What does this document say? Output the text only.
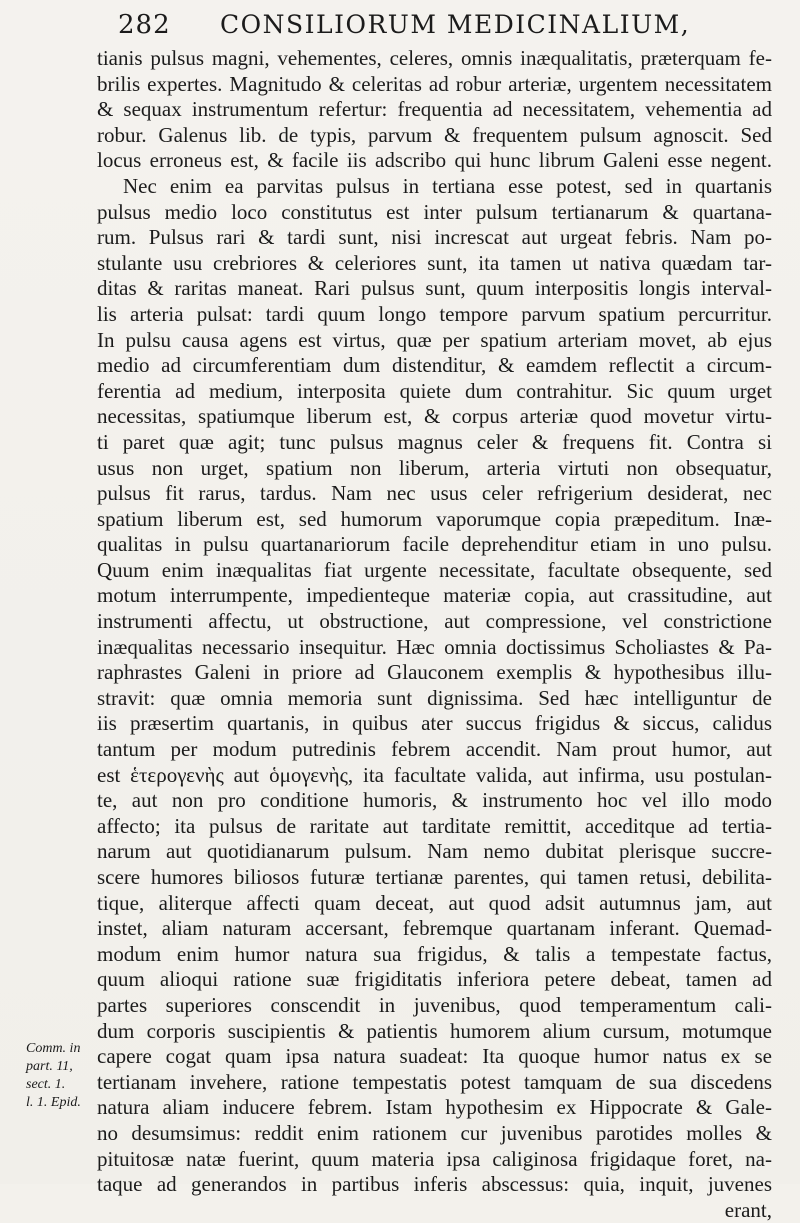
282 CONSILIORUM MEDICINALIUM,
tianis pulsus magni, vehementes, celeres, omnis inæqualitatis, præterquam fe-
brilis expertes. Magnitudo & celeritas ad robur arteriæ, urgentem necessitatem
& sequax instrumentum refertur: frequentia ad necessitatem, vehementia ad
robur. Galenus lib. de typis, parvum & frequentem pulsum agnoscit. Sed
locus erroneus est, & facile iis adscribo qui hunc librum Galeni esse negent.
Nec enim ea parvitas pulsus in tertiana esse potest, sed in quartanis
pulsus medio loco constitutus est inter pulsum tertianarum & quartana-
rum. Pulsus rari & tardi sunt, nisi increscat aut urgeat febris. Nam po-
stulante usu crebriores & celeriores sunt, ita tamen ut nativa quædam tar-
ditas & raritas maneat. Rari pulsus sunt, quum interpositis longis interval-
lis arteria pulsat: tardi quum longo tempore parvum spatium percurritur.
In pulsu causa agens est virtus, quæ per spatium arteriam movet, ab ejus
medio ad circumferentiam dum distenditur, & eamdem reflectit a circum-
ferentia ad medium, interposita quiete dum contrahitur. Sic quum urget
necessitas, spatiumque liberum est, & corpus arteriæ quod movetur virtu-
ti paret quæ agit; tunc pulsus magnus celer & frequens fit. Contra si
usus non urget, spatium non liberum, arteria virtuti non obsequatur,
pulsus fit rarus, tardus. Nam nec usus celer refrigerium desiderat, nec
spatium liberum est, sed humorum vaporumque copia præpeditum. Inæ-
qualitas in pulsu quartanariorum facile deprehenditur etiam in uno pulsu.
Quum enim inæqualitas fiat urgente necessitate, facultate obsequente, sed
motum interrumpente, impedienteque materiæ copia, aut crassitudine, aut
instrumenti affectu, ut obstructione, aut compressione, vel constrictione
inæqualitas necessario insequitur. Hæc omnia doctissimus Scholiastes & Pa-
raphrastes Galeni in priore ad Glauconem exemplis & hypothesibus illu-
stravit: quæ omnia memoria sunt dignissima. Sed hæc intelliguntur de
iis præsertim quartanis, in quibus ater succus frigidus & siccus, calidus
tantum per modum putredinis febrem accendit. Nam prout humor, aut
est ἑτερογενὴς aut ὁμογενὴς, ita facultate valida, aut infirma, usu postulan-
te, aut non pro conditione humoris, & instrumento hoc vel illo modo
affecto; ita pulsus de raritate aut tarditate remittit, acceditque ad tertia-
narum aut quotidianarum pulsum. Nam nemo dubitat plerisque succre-
scere humores biliosos futuræ tertianæ parentes, qui tamen retusi, debilita-
tique, aliterque affecti quam deceat, aut quod adsit autumnus jam, aut
instet, aliam naturam accersant, febremque quartanam inferant. Quemad-
modum enim humor natura sua frigidus, & talis a tempestate factus,
quum alioqui ratione suæ frigiditatis inferiora petere debeat, tamen ad
partes superiores conscendit in juvenibus, quod temperamentum cali-
dum corporis suscipientis & patientis humorem alium cursum, motumque
capere cogat quam ipsa natura suadeat: Ita quoque humor natus ex se
tertianam invehere, ratione tempestatis potest tamquam de sua discedens
natura aliam inducere febrem. Istam hypothesim ex Hippocrate & Gale-
no desumsimus: reddit enim rationem cur juvenibus parotides molles &
pituitosæ natæ fuerint, quum materia ipsa caliginosa frigidaque foret, na-
taque ad generandos in partibus inferis abscessus: quia, inquit, juvenes
erant,
Comm. in
part. 11,
sect. 1.
l. 1. Epid.
